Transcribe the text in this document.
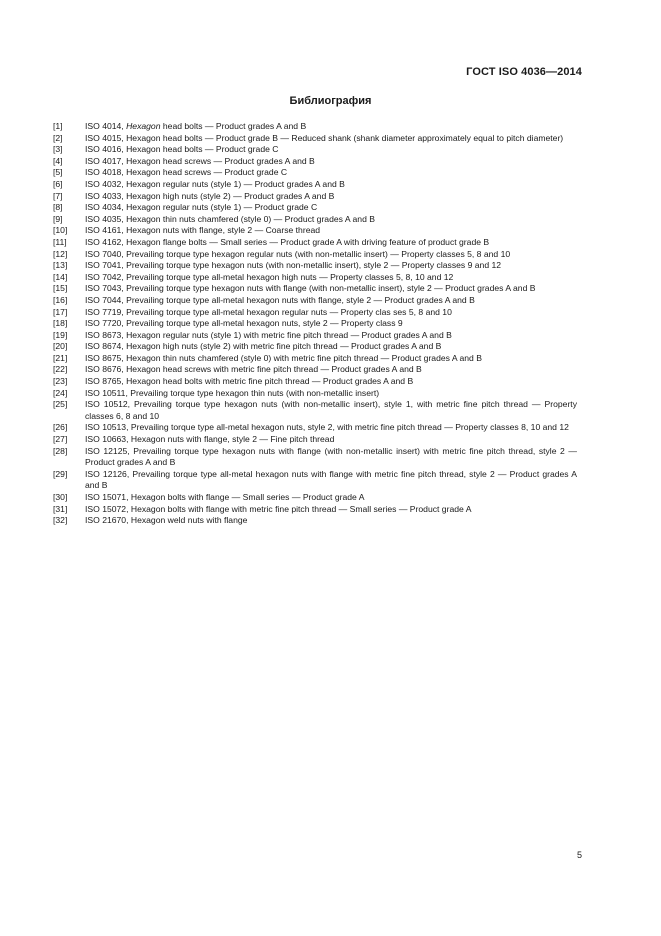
ГОСТ ISO 4036—2014
Библиография
[1]	ISO 4014, Hexagon head bolts — Product grades A and B
[2]	ISO 4015, Hexagon head bolts — Product grade B — Reduced shank (shank diameter approximately equal to pitch diameter)
[3]	ISO 4016, Hexagon head bolts — Product grade C
[4]	ISO 4017, Hexagon head screws — Product grades A and B
[5]	ISO 4018, Hexagon head screws — Product grade C
[6]	ISO 4032, Hexagon regular nuts (style 1) — Product grades A and B
[7]	ISO 4033, Hexagon high nuts (style 2) — Product grades A and B
[8]	ISO 4034, Hexagon regular nuts (style 1) — Product grade C
[9]	ISO 4035, Hexagon thin nuts chamfered (style 0) — Product grades A and B
[10]	ISO 4161, Hexagon nuts with flange, style 2 — Coarse thread
[11]	ISO 4162, Hexagon flange bolts — Small series — Product grade A with driving feature of product grade B
[12]	ISO 7040, Prevailing torque type hexagon regular nuts (with non-metallic insert) — Property classes 5, 8 and 10
[13]	ISO 7041, Prevailing torque type hexagon nuts (with non-metallic insert), style 2 — Property classes 9 and 12
[14]	ISO 7042, Prevailing torque type all-metal hexagon high nuts — Property classes 5, 8, 10 and 12
[15]	ISO 7043, Prevailing torque type hexagon nuts with flange (with non-metallic insert), style 2 — Product grades A and B
[16]	ISO 7044, Prevailing torque type all-metal hexagon nuts with flange, style 2 — Product grades A and B
[17]	ISO 7719, Prevailing torque type all-metal hexagon regular nuts — Property clas ses 5, 8 and 10
[18]	ISO 7720, Prevailing torque type all-metal hexagon nuts, style 2 — Property class 9
[19]	ISO 8673, Hexagon regular nuts (style 1) with metric fine pitch thread — Product grades A and B
[20]	ISO 8674, Hexagon high nuts (style 2) with metric fine pitch thread — Product grades A and B
[21]	ISO 8675, Hexagon thin nuts chamfered (style 0) with metric fine pitch thread — Product grades A and B
[22]	ISO 8676, Hexagon head screws with metric fine pitch thread — Product grades A and B
[23]	ISO 8765, Hexagon head bolts with metric fine pitch thread — Product grades A and B
[24]	ISO 10511, Prevailing torque type hexagon thin nuts (with non-metallic insert)
[25]	ISO 10512, Prevailing torque type hexagon nuts (with non-metallic insert), style 1, with metric fine pitch thread — Property classes 6, 8 and 10
[26]	ISO 10513, Prevailing torque type all-metal hexagon nuts, style 2, with metric fine pitch thread — Property classes 8, 10 and 12
[27]	ISO 10663, Hexagon nuts with flange, style 2 — Fine pitch thread
[28]	ISO 12125, Prevailing torque type hexagon nuts with flange (with non-metallic insert) with metric fine pitch thread, style 2 — Product grades A and B
[29]	ISO 12126, Prevailing torque type all-metal hexagon nuts with flange with metric fine pitch thread, style 2 — Product grades A and B
[30]	ISO 15071, Hexagon bolts with flange — Small series — Product grade A
[31]	ISO 15072, Hexagon bolts with flange with metric fine pitch thread — Small series — Product grade A
[32]	ISO 21670, Hexagon weld nuts with flange
5
